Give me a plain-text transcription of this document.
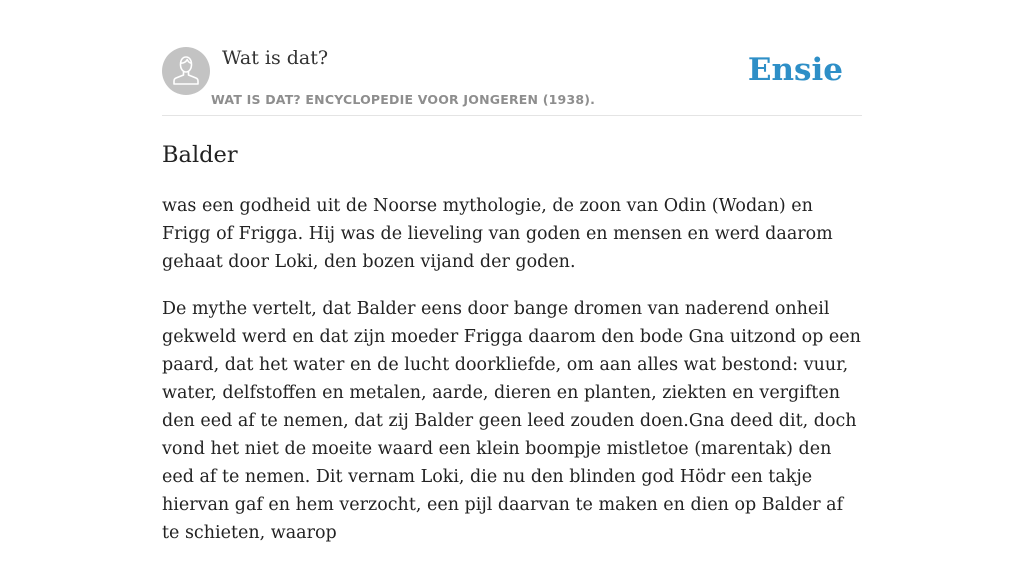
Wat is dat?
WAT IS DAT? ENCYCLOPEDIE VOOR JONGEREN (1938).
Ensie
Balder

was een godheid uit de Noorse mythologie, de zoon van Odin (Wodan) en Frigg of Frigga. Hij was de lieveling van goden en mensen en werd daarom gehaat door Loki, den bozen vijand der goden.

De mythe vertelt, dat Balder eens door bange dromen van naderend onheil gekweld werd en dat zijn moeder Frigga daarom den bode Gna uitzond op een paard, dat het water en de lucht doorkliefde, om aan alles wat bestond: vuur, water, delfstoffen en metalen, aarde, dieren en planten, ziekten en vergiften den eed af te nemen, dat zij Balder geen leed zouden doen.Gna deed dit, doch vond het niet de moeite waard een klein boompje mistletoe (marentak) den eed af te nemen. Dit vernam Loki, die nu den blinden god Hödr een takje hiervan gaf en hem verzocht, een pijl daarvan te maken en dien op Balder af te schieten, waarop
